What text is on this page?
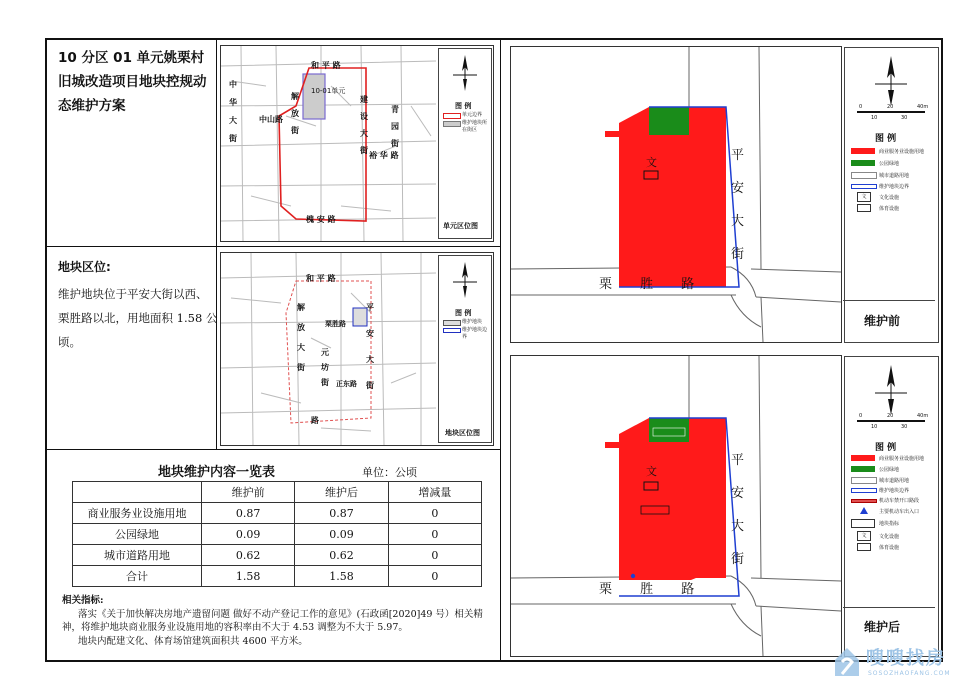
10 分区 01 单元姚栗村旧城改造项目地块控规动态维护方案
地块区位:
维护地块位于平安大街以西、栗胜路以北，用地面积 1.58 公顷。
和 平 路
中 华 大 街
中山路
解 放 街
建 设 大 街
青 园 街
裕 华 路
槐 安 路
10-01单元
图 例
单元边界
维护地块所在街区
单元区位图
和 平 路
解 放 大 街
栗胜路
平 安 大 街
元 坊 街 正东路
路
图 例
维护地块
维护地块边界
地块区位图
地块维护内容一览表	单位：公顷
	维护前	维护后	增减量
商业服务业设施用地	0.87	0.87	0
公园绿地	0.09	0.09	0
城市道路用地	0.62	0.62	0
合计	1.58	1.58	0
相关指标:
落实《关于加快解决房地产遗留问题 做好不动产登记工作的意见》(石政函[2020]49 号）相关精
神，将维护地块商业服务业设施用地的容积率由不大于 4.53 调整为不大于 5.97。
地块内配建文化、体育场馆建筑面积共 4600 平方米。
文	平 安 大 街
栗 胜 路
0	20	40m
10	30
图 例
商业服务业设施用地
公园绿地
城市道路用地
维护地块边界
文	文化设施
体育设施
维护前
文
平 安 大 街
栗 胜 路
0	20	40m
10	30
图 例
商业服务业设施用地
公园绿地
城市道路用地
维护地块边界
机动车禁开口路段
主要机动车出入口
地块指标
文	文化设施
体育设施
维护后
嗖嗖找房
SOSOZHAOFANG.COM
